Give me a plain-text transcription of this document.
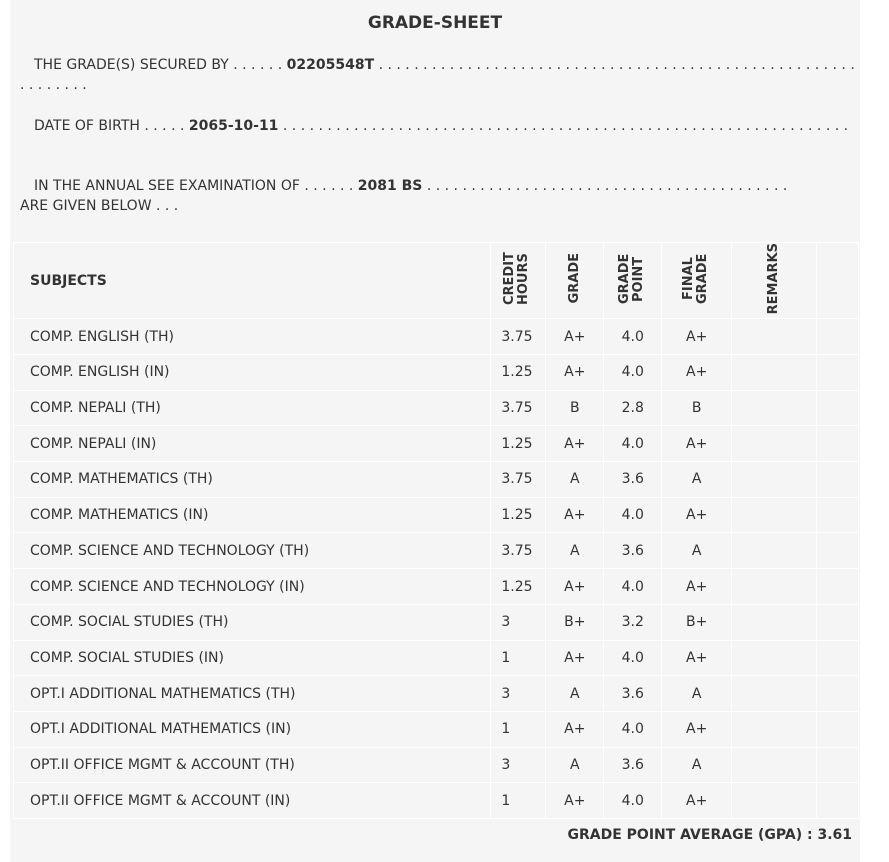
GRADE-SHEET
THE GRADE(S) SECURED BY . . . . . . 02205548T . . . . . . . . . . . . . . . . . . . . . . . . . . . . . . . . . . . . . . . . . . . . . . . . . . . . . . . . . . . . . .
DATE OF BIRTH . . . . . 2065-10-11 . . . . . . . . . . . . . . . . . . . . . . . . . . . . . . . . . . . . . . . . . . . . . . . . . . . . . . . . . . . . . . . .
IN THE ANNUAL SEE EXAMINATION OF . . . . . . 2081 BS . . . . . . . . . . . . . . . . . . . . . . . . . . . . . . . . . . . . . . . . .
ARE GIVEN BELOW . . .
SUBJECTS	CREDIT HOURS	GRADE	GRADE POINT	FINAL GRADE	REMARKS	
COMP. ENGLISH (TH)	3.75	A+	4.0	A+		
COMP. ENGLISH (IN)	1.25	A+	4.0	A+		
COMP. NEPALI (TH)	3.75	B	2.8	B		
COMP. NEPALI (IN)	1.25	A+	4.0	A+		
COMP. MATHEMATICS (TH)	3.75	A	3.6	A		
COMP. MATHEMATICS (IN)	1.25	A+	4.0	A+		
COMP. SCIENCE AND TECHNOLOGY (TH)	3.75	A	3.6	A		
COMP. SCIENCE AND TECHNOLOGY (IN)	1.25	A+	4.0	A+		
COMP. SOCIAL STUDIES (TH)	3	B+	3.2	B+		
COMP. SOCIAL STUDIES (IN)	1	A+	4.0	A+		
OPT.I ADDITIONAL MATHEMATICS (TH)	3	A	3.6	A		
OPT.I ADDITIONAL MATHEMATICS (IN)	1	A+	4.0	A+		
OPT.II OFFICE MGMT & ACCOUNT (TH)	3	A	3.6	A		
OPT.II OFFICE MGMT & ACCOUNT (IN)	1	A+	4.0	A+		
GRADE POINT AVERAGE (GPA) : 3.61
